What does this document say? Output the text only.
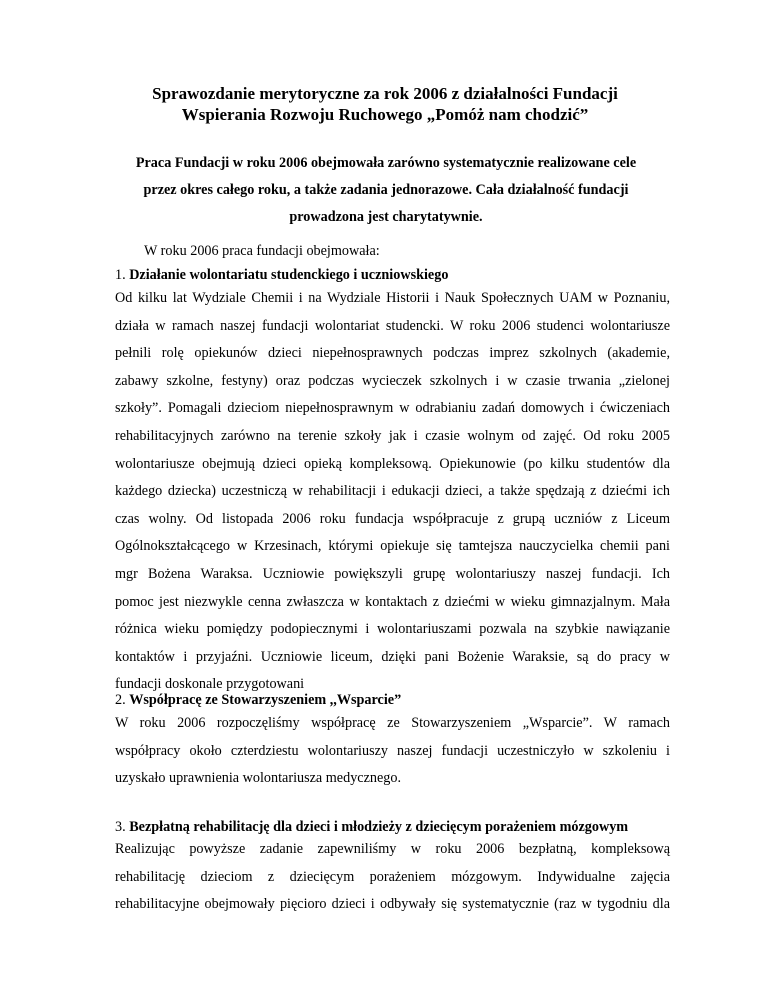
Sprawozdanie merytoryczne za rok 2006 z działalności Fundacji
Wspierania Rozwoju Ruchowego „Pomóż nam chodzić”
Praca Fundacji w roku 2006 obejmowała zarówno systematycznie realizowane cele
przez okres całego roku, a także zadania jednorazowe. Cała działalność fundacji
prowadzona jest charytatywnie.
W roku 2006 praca fundacji obejmowała:
1. Działanie wolontariatu studenckiego i uczniowskiego
Od kilku lat Wydziale Chemii i na Wydziale Historii i Nauk Społecznych UAM w Poznaniu,
działa w ramach naszej fundacji wolontariat studencki. W roku 2006 studenci wolontariusze
pełnili rolę opiekunów dzieci niepełnosprawnych podczas imprez szkolnych (akademie,
zabawy szkolne, festyny) oraz podczas wycieczek szkolnych i w czasie trwania „zielonej
szkoły”. Pomagali dzieciom niepełnosprawnym w odrabianiu zadań domowych i ćwiczeniach
rehabilitacyjnych zarówno na terenie szkoły jak i czasie wolnym od zajęć. Od roku 2005
wolontariusze obejmują dzieci opieką kompleksową. Opiekunowie (po kilku studentów dla
każdego dziecka) uczestniczą w rehabilitacji i edukacji dzieci, a także spędzają z dziećmi ich
czas wolny. Od listopada 2006 roku fundacja współpracuje z grupą uczniów z Liceum
Ogólnokształcącego w Krzesinach, którymi opiekuje się tamtejsza nauczycielka chemii pani
mgr Bożena Waraksa. Uczniowie powiększyli grupę wolontariuszy naszej fundacji. Ich
pomoc jest niezwykle cenna zwłaszcza w kontaktach z dziećmi w wieku gimnazjalnym. Mała
różnica wieku pomiędzy podopiecznymi i wolontariuszami pozwala na szybkie nawiązanie
kontaktów i przyjaźni. Uczniowie liceum, dzięki pani Bożenie Waraksie, są do pracy w
fundacji doskonale przygotowani
2. Współpracę ze Stowarzyszeniem ,,Wsparcie”
W roku 2006 rozpoczęliśmy współpracę ze Stowarzyszeniem „Wsparcie”. W ramach
współpracy około czterdziestu wolontariuszy naszej fundacji uczestniczyło w szkoleniu i
uzyskało uprawnienia wolontariusza medycznego.
3. Bezpłatną rehabilitację dla dzieci i młodzieży z dziecięcym porażeniem mózgowym
Realizując powyższe zadanie zapewniliśmy w roku 2006 bezpłatną, kompleksową
rehabilitację dzieciom z dziecięcym porażeniem mózgowym. Indywidualne zajęcia
rehabilitacyjne obejmowały pięcioro dzieci i odbywały się systematycznie (raz w tygodniu dla
